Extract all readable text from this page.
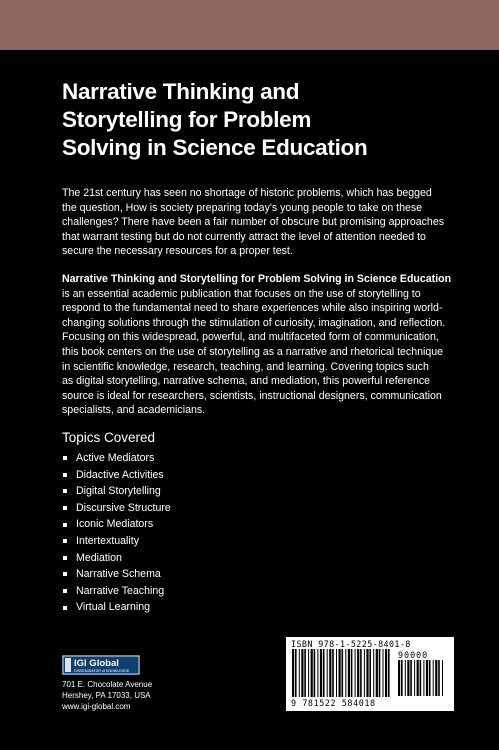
Narrative Thinking and
Storytelling for Problem
Solving in Science Education
The 21st century has seen no shortage of historic problems, which has begged
the question, How is society preparing today's young people to take on these
challenges? There have been a fair number of obscure but promising approaches
that warrant testing but do not currently attract the level of attention needed to
secure the necessary resources for a proper test.
Narrative Thinking and Storytelling for Problem Solving in Science Education
is an essential academic publication that focuses on the use of storytelling to
respond to the fundamental need to share experiences while also inspiring world-
changing solutions through the stimulation of curiosity, imagination, and reflection.
Focusing on this widespread, powerful, and multifaceted form of communication,
this book centers on the use of storytelling as a narrative and rhetorical technique
in scientific knowledge, research, teaching, and learning. Covering topics such
as digital storytelling, narrative schema, and mediation, this powerful reference
source is ideal for researchers, scientists, instructional designers, communication
specialists, and academicians.
Topics Covered
Active Mediators
Didactive Activities
Digital Storytelling
Discursive Structure
Iconic Mediators
Intertextuality
Mediation
Narrative Schema
Narrative Teaching
Virtual Learning
IGI Global
DISSEMINATOR of KNOWLEDGE
701 E. Chocolate Avenue
Hershey, PA 17033, USA
www.igi-global.com
ISBN 978-1-5225-8401-8
90000
9 781522 584018
